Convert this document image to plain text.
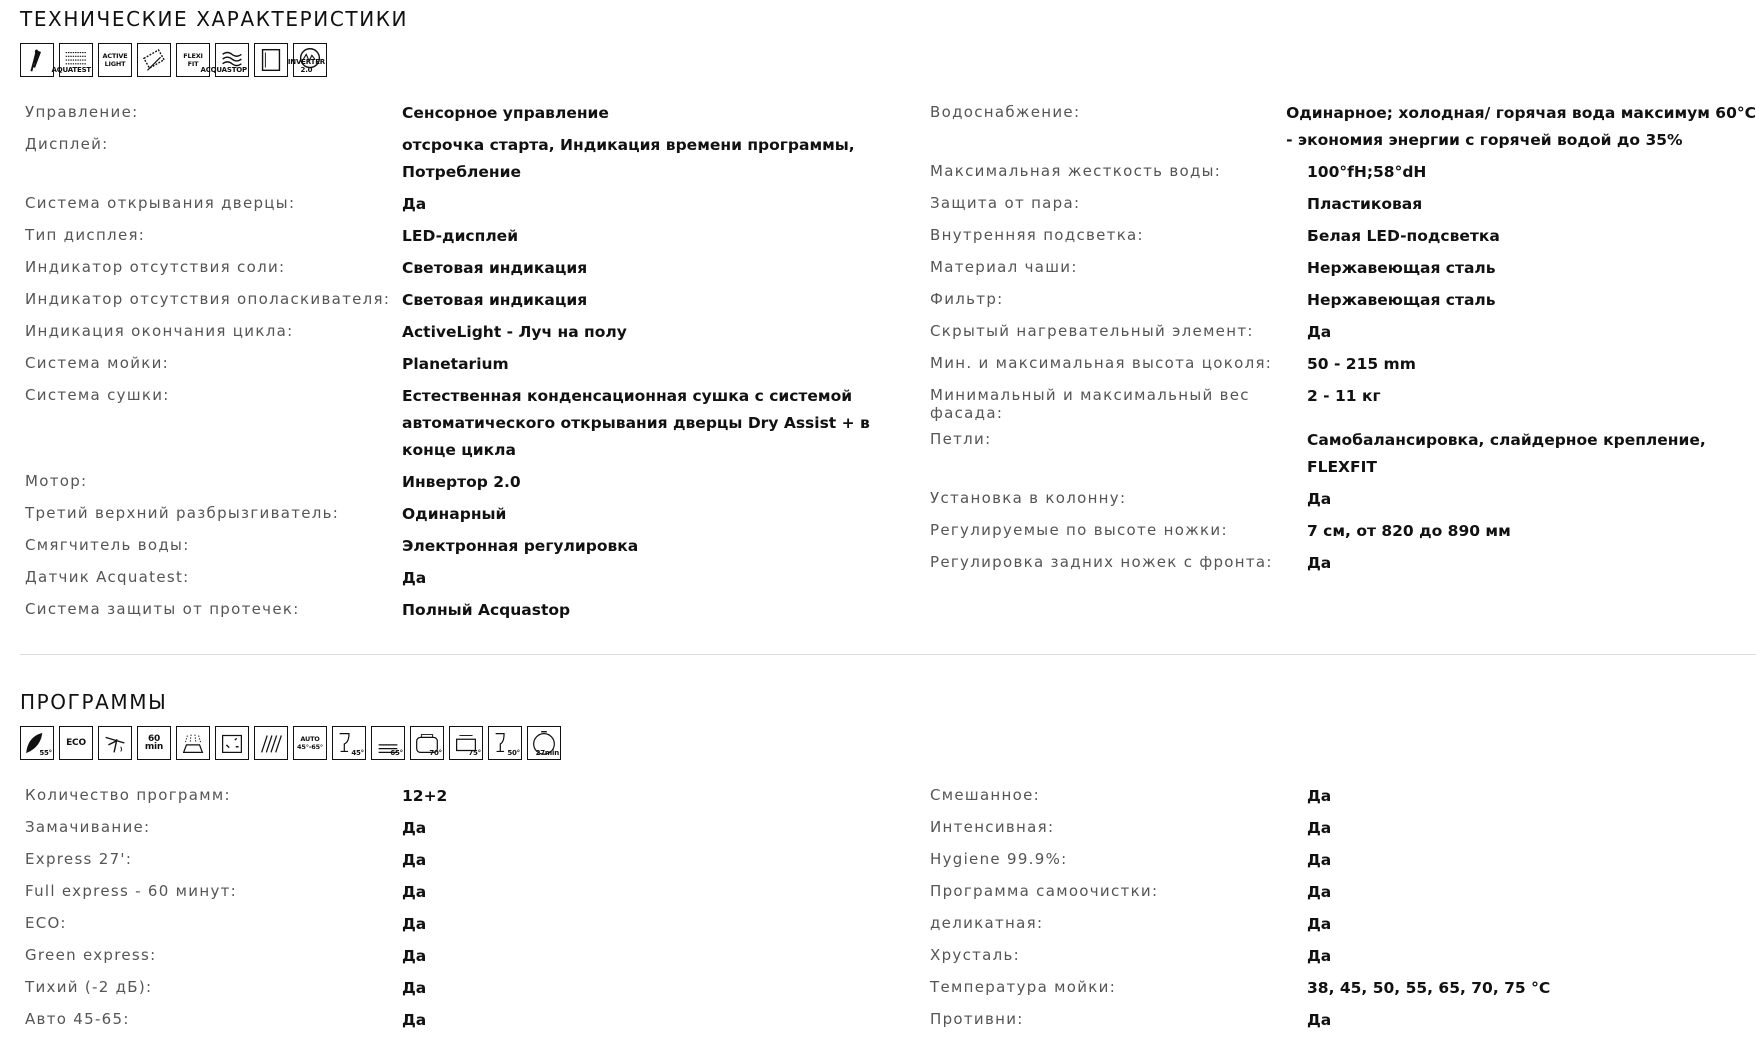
ТЕХНИЧЕСКИЕ ХАРАКТЕРИСТИКИ
AQUATEST
ACTIVE LIGHT
FLEXI FIT
ACQUASTOP
INVERTER 2.0
Управление:	Сенсорное управление
Дисплей:	отсрочка старта, Индикация времени программы,
Потребление
Система открывания дверцы:	Да
Тип дисплея:	LED-дисплей
Индикатор отсутствия соли:	Световая индикация
Индикатор отсутствия ополаскивателя: Световая индикация
Индикация окончания цикла:	ActiveLight - Луч на полу
Система мойки:	Planetarium
Система сушки:	Естественная конденсационная сушка с системой
автоматического открывания дверцы Dry Assist + в
конце цикла
Мотор:	Инвертор 2.0
Третий верхний разбрызгиватель:	Одинарный
Смягчитель воды:	Электронная регулировка
Датчик Acquatest:	Да
Система защиты от протечек:	Полный Acquastop
Водоснабжение:	Одинарное; холодная/ горячая вода максимум 60°C
- экономия энергии с горячей водой до 35%
Максимальная жесткость воды:	100°fH;58°dH
Защита от пара:	Пластиковая
Внутренняя подсветка:	Белая LED-подсветка
Материал чаши:	Нержавеющая сталь
Фильтр:	Нержавеющая сталь
Скрытый нагревательный элемент:	Да
Мин. и максимальная высота цоколя:	50 - 215 mm
Минимальный и максимальный вес фасада:
2 - 11 кг
Петли:	Самобалансировка, слайдерное крепление,
FLEXFIT
Установка в колонну:	Да
Регулируемые по высоте ножки:	7 см, от 820 до 890 мм
Регулировка задних ножек с фронта:	Да
ПРОГРАММЫ
55°
ECO	60 min
AUTO 45°-65°
45°	65°	70°	75°	50° 27min
Количество программ:	12+2
Замачивание:	Да
Express 27':	Да
Full express - 60 минут:	Да
ECO:	Да
Green express:	Да
Тихий (-2 дБ):	Да
Авто 45-65:	Да
Смешанное:	Да
Интенсивная:	Да
Hygiene 99.9%:	Да
Программа самоочистки:	Да
деликатная:	Да
Хрусталь:	Да
Температура мойки:	38, 45, 50, 55, 65, 70, 75 °C
Противни:	Да
